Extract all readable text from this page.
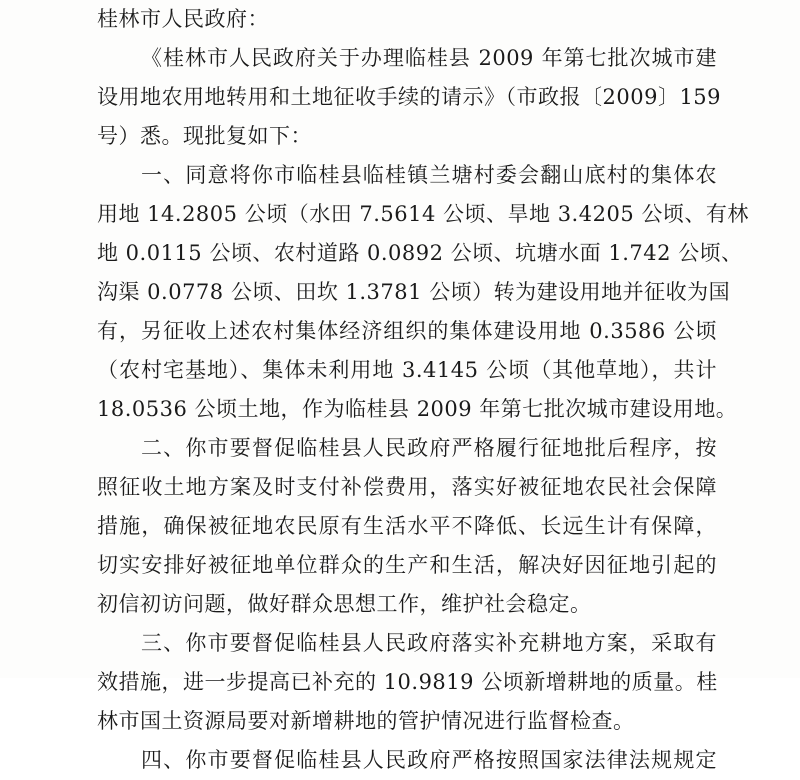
桂林市人民政府：
《桂林市人民政府关于办理临桂县 2009 年第七批次城市建
设用地农用地转用和土地征收手续的请示》（市政报〔2009〕159
号）悉。现批复如下：
一、同意将你市临桂县临桂镇兰塘村委会翻山底村的集体农
用地 14.2805 公顷（水田 7.5614 公顷、旱地 3.4205 公顷、有林
地 0.0115 公顷、农村道路 0.0892 公顷、坑塘水面 1.742 公顷、
沟渠 0.0778 公顷、田坎 1.3781 公顷）转为建设用地并征收为国
有，另征收上述农村集体经济组织的集体建设用地 0.3586 公顷
（农村宅基地）、集体未利用地 3.4145 公顷（其他草地），共计
18.0536 公顷土地，作为临桂县 2009 年第七批次城市建设用地。
二、你市要督促临桂县人民政府严格履行征地批后程序，按
照征收土地方案及时支付补偿费用，落实好被征地农民社会保障
措施，确保被征地农民原有生活水平不降低、长远生计有保障，
切实安排好被征地单位群众的生产和生活，解决好因征地引起的
初信初访问题，做好群众思想工作，维护社会稳定。
三、你市要督促临桂县人民政府落实补充耕地方案，采取有
效措施，进一步提高已补充的 10.9819 公顷新增耕地的质量。桂
林市国土资源局要对新增耕地的管护情况进行监督检查。
四、你市要督促临桂县人民政府严格按照国家法律法规规定
